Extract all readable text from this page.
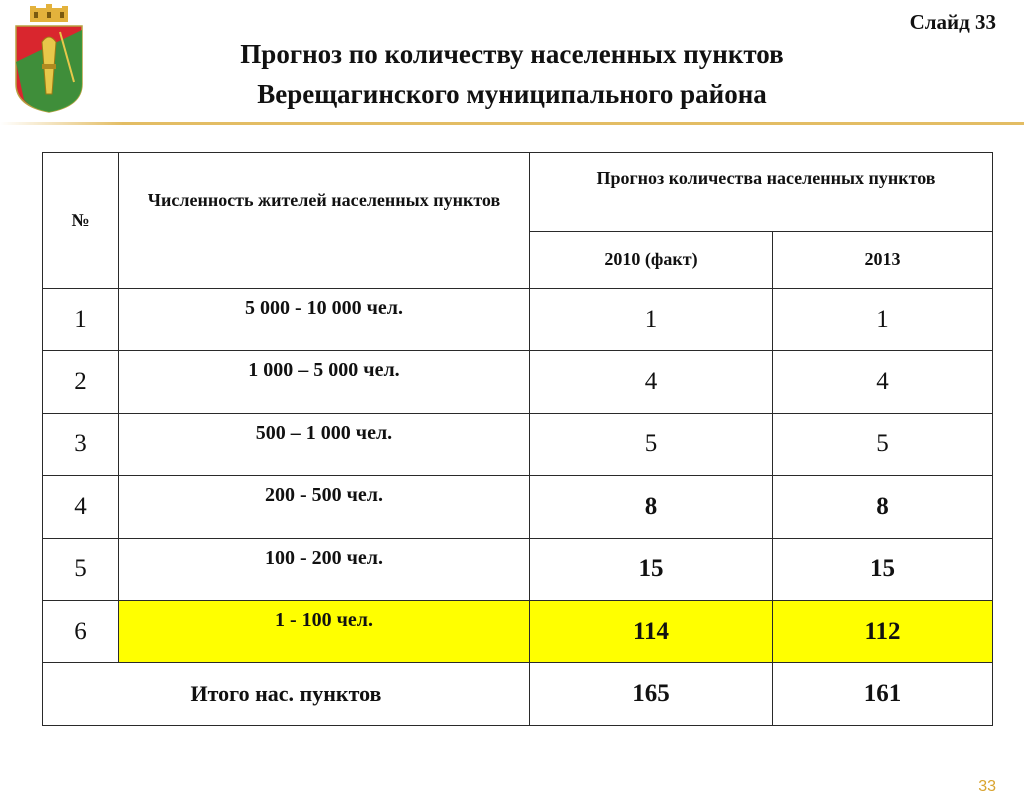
Слайд 33
Прогноз по количеству населенных пунктов
Верещагинского муниципального района
№	Численность жителей населенных пунктов	Прогноз количества населенных пунктов	
		2010 (факт)	2013
1	5 000 - 10 000 чел.	1	1
2	1 000 – 5 000 чел.	4	4
3	500 – 1 000 чел.	5	5
4	200 - 500 чел.	8	8
5	100 - 200 чел.	15	15
6	1 - 100 чел.	114	112
Итого нас. пунктов		165	161
33
